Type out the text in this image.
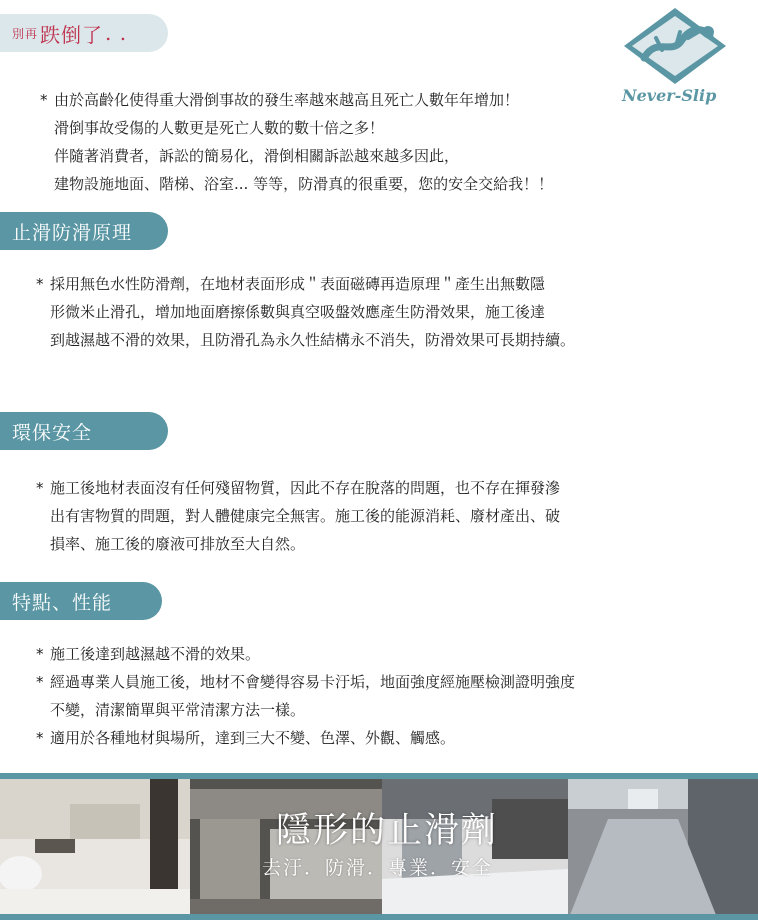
別再 跌倒了 . .
Never-Slip
* 由於高齡化使得重大滑倒事故的發生率越來越高且死亡人數年年增加！
滑倒事故受傷的人數更是死亡人數的數十倍之多！
伴隨著消費者，訴訟的簡易化，滑倒相關訴訟越來越多因此，
建物設施地面、階梯、浴室... 等等，防滑真的很重要，您的安全交給我！！
止滑防滑原理
* 採用無色水性防滑劑，在地材表面形成＂表面磁磚再造原理＂產生出無數隱
形微米止滑孔，增加地面磨擦係數與真空吸盤效應產生防滑效果，施工後達
到越濕越不滑的效果，且防滑孔為永久性結構永不消失，防滑效果可長期持續。
環保安全
* 施工後地材表面沒有任何殘留物質，因此不存在脫落的問題，也不存在揮發滲
出有害物質的問題，對人體健康完全無害。施工後的能源消耗、廢材產出、破
損率、施工後的廢液可排放至大自然。
特點、性能
* 施工後達到越濕越不滑的效果。
* 經過專業人員施工後，地材不會變得容易卡汙垢，地面強度經施壓檢測證明強度
不變，清潔簡單與平常清潔方法一樣。
* 適用於各種地材與場所，達到三大不變、色澤、外觀、觸感。
隱形的止滑劑
去汙．防滑．專業．安全
